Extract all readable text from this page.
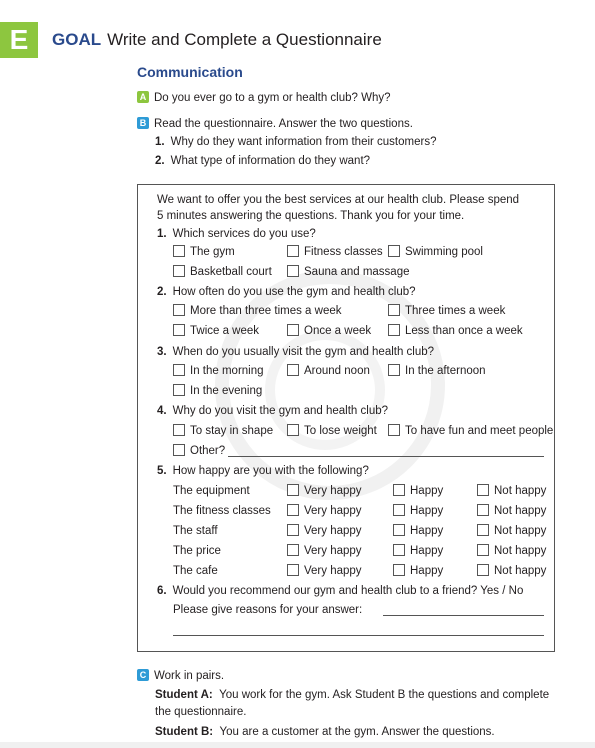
E	GOAL Write and Complete a Questionnaire
Communication
A Do you ever go to a gym or health club? Why?
B Read the questionnaire. Answer the two questions.
1. Why do they want information from their customers?
2. What type of information do they want?
We want to offer you the best services at our health club. Please spend
5 minutes answering the questions. Thank you for your time.
1. Which services do you use?
The gym	Fitness classes	Swimming pool
Basketball court	Sauna and massage
2. How often do you use the gym and health club?
More than three times a week	Three times a week
Twice a week	Once a week	Less than once a week
3. When do you usually visit the gym and health club?
In the morning	Around noon	In the afternoon
In the evening
4. Why do you visit the gym and health club?
To stay in shape	To lose weight	To have fun and meet people
Other?
5. How happy are you with the following?
The equipment	Very happy	Happy	Not happy
The fitness classes	Very happy	Happy	Not happy
The staff	Very happy	Happy	Not happy
The price	Very happy	Happy	Not happy
The cafe	Very happy	Happy	Not happy
6. Would you recommend our gym and health club to a friend? Yes / No
Please give reasons for your answer:
C Work in pairs.
Student A: You work for the gym. Ask Student B the questions and complete
the questionnaire.
Student B: You are a customer at the gym. Answer the questions.
